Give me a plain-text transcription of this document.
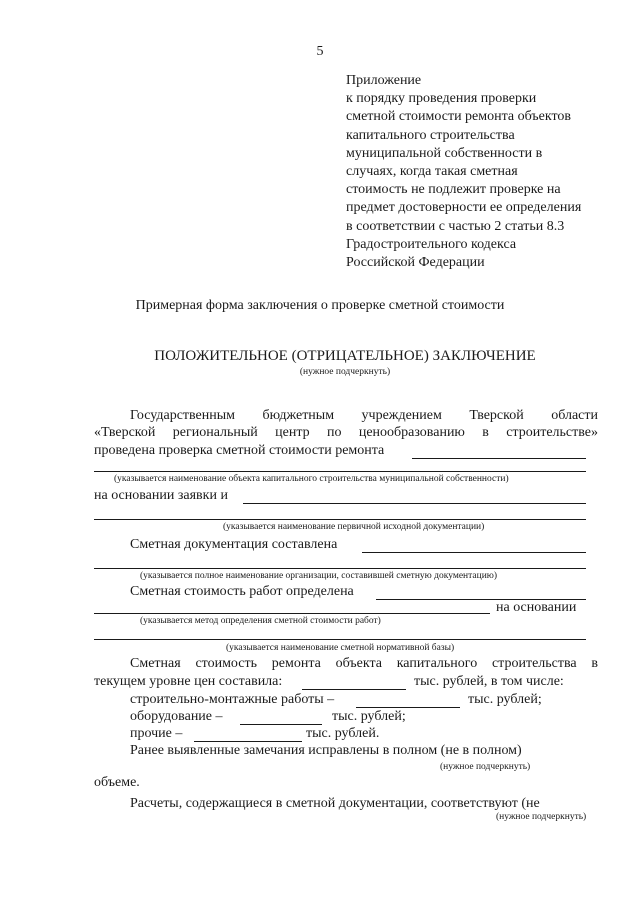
5
Приложение
к порядку проведения проверки
сметной стоимости ремонта объектов
капитального строительства
муниципальной собственности в
случаях, когда такая сметная
стоимость не подлежит проверке на
предмет достоверности ее определения
в соответствии с частью 2 статьи 8.3
Градостроительного кодекса
Российской Федерации
Примерная форма заключения о проверке сметной стоимости
ПОЛОЖИТЕЛЬНОЕ (ОТРИЦАТЕЛЬНОЕ) ЗАКЛЮЧЕНИЕ
(нужное подчеркнуть)
Государственным бюджетным учреждением Тверской области
«Тверской региональный центр по ценообразованию в строительстве»
проведена проверка сметной стоимости ремонта
(указывается наименование объекта капитального строительства муниципальной собственности)
на основании заявки и
(указывается наименование первичной исходной документации)
Сметная документация составлена
(указывается полное наименование организации, составившей сметную документацию)
Сметная стоимость работ определена
на основании
(указывается метод определения сметной стоимости работ)
(указывается наименование сметной нормативной базы)
Сметная стоимость ремонта объекта капитального строительства в
текущем уровне цен составила:	тыс. рублей, в том числе:
строительно-монтажные работы –	тыс. рублей;
оборудование –	тыс. рублей;
прочие –	тыс. рублей.
Ранее выявленные замечания исправлены в полном (не в полном)
(нужное подчеркнуть)
объеме.
Расчеты, содержащиеся в сметной документации, соответствуют (не
(нужное подчеркнуть)
